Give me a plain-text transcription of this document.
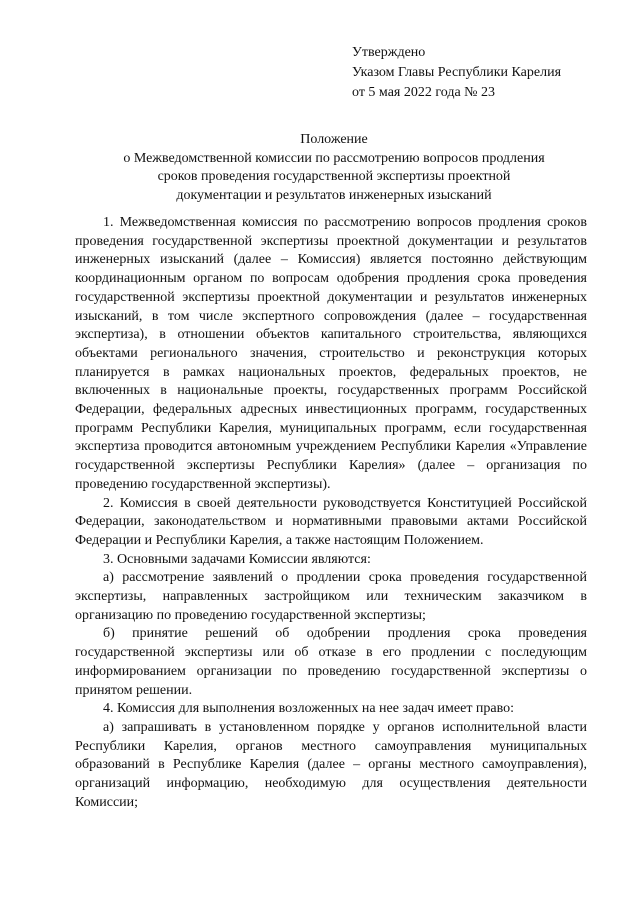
Утверждено
Указом Главы Республики Карелия
от 5 мая 2022 года № 23
Положение
о Межведомственной комиссии по рассмотрению вопросов продления
сроков проведения государственной экспертизы проектной
документации и результатов инженерных изысканий

1. Межведомственная комиссия по рассмотрению вопросов продления сроков проведения государственной экспертизы проектной документации и результатов инженерных изысканий (далее – Комиссия) является постоянно действующим координационным органом по вопросам одобрения продления срока проведения государственной экспертизы проектной документации и результатов инженерных изысканий, в том числе экспертного сопровождения (далее – государственная экспертиза), в отношении объектов капитального строительства, являющихся объектами регионального значения, строительство и реконструкция которых планируется в рамках национальных проектов, федеральных проектов, не включенных в национальные проекты, государственных программ Российской Федерации, федеральных адресных инвестиционных программ, государственных программ Республики Карелия, муниципальных программ, если государственная экспертиза проводится автономным учреждением Республики Карелия «Управление государственной экспертизы Республики Карелия» (далее – организация по проведению государственной экспертизы).

2. Комиссия в своей деятельности руководствуется Конституцией Российской Федерации, законодательством и нормативными правовыми актами Российской Федерации и Республики Карелия, а также настоящим Положением.

3. Основными задачами Комиссии являются:

а) рассмотрение заявлений о продлении срока проведения государственной экспертизы, направленных застройщиком или техническим заказчиком в организацию по проведению государственной экспертизы;

б) принятие решений об одобрении продления срока проведения государственной экспертизы или об отказе в его продлении с последующим информированием организации по проведению государственной экспертизы о принятом решении.

4. Комиссия для выполнения возложенных на нее задач имеет право:

а) запрашивать в установленном порядке у органов исполнительной власти Республики Карелия, органов местного самоуправления муниципальных образований в Республике Карелия (далее – органы местного самоуправления), организаций информацию, необходимую для осуществления деятельности Комиссии;
